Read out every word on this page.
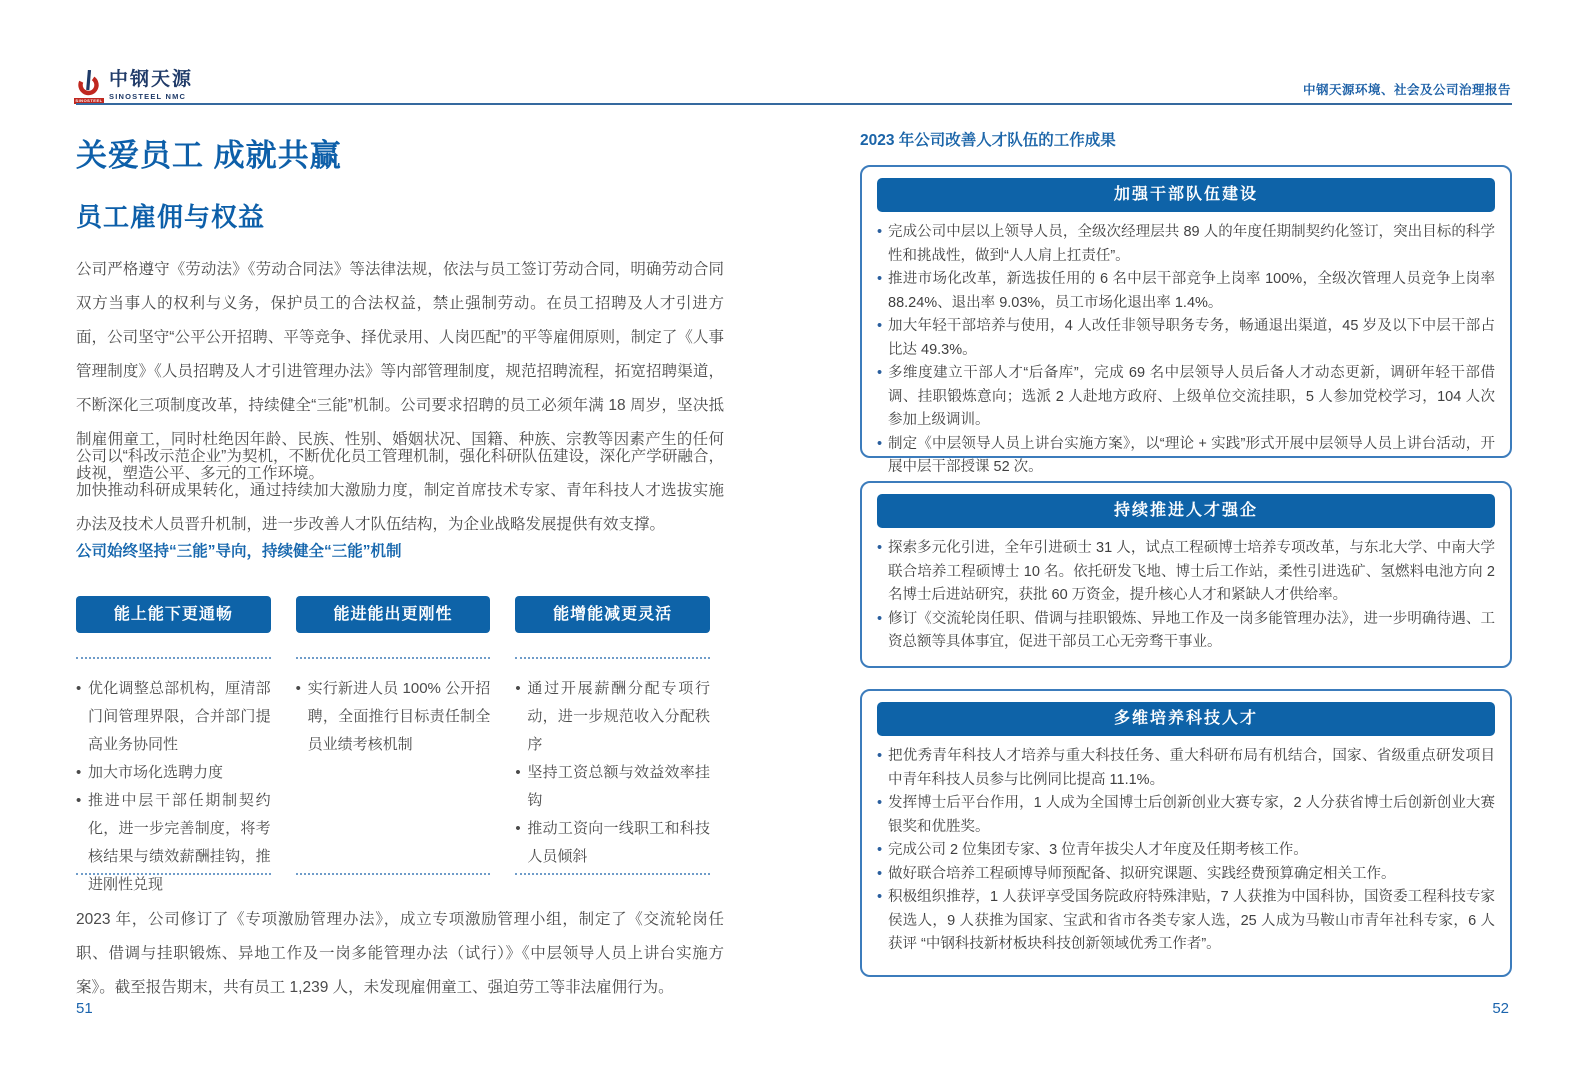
SINOSTEEL
中钢天源
SINOSTEEL NMC	中钢天源环境、社会及公司治理报告
关爱员工 成就共赢
员工雇佣与权益

公司严格遵守《劳动法》《劳动合同法》等法律法规，依法与员工签订劳动合同，明确劳动合同双方当事人的权利与义务，保护员工的合法权益，禁止强制劳动。在员工招聘及人才引进方面，公司坚守“公平公开招聘、平等竞争、择优录用、人岗匹配”的平等雇佣原则，制定了《人事管理制度》《人员招聘及人才引进管理办法》等内部管理制度，规范招聘流程，拓宽招聘渠道，不断深化三项制度改革，持续健全“三能”机制。公司要求招聘的员工必须年满 18 周岁，坚决抵制雇佣童工，同时杜绝因年龄、民族、性别、婚姻状况、国籍、种族、宗教等因素产生的任何歧视，塑造公平、多元的工作环境。

公司以“科改示范企业”为契机，不断优化员工管理机制，强化科研队伍建设，深化产学研融合，加快推动科研成果转化，通过持续加大激励力度，制定首席技术专家、青年科技人才选拔实施办法及技术人员晋升机制，进一步改善人才队伍结构，为企业战略发展提供有效支撑。

公司始终坚持“三能”导向，持续健全“三能”机制
能上能下更通畅	能进能出更刚性	能增能减更灵活
• 优化调整总部机构，厘清部门间管理界限，合并部门提高业务协同性
• 加大市场化选聘力度
• 推进中层干部任期制契约化，进一步完善制度，将考核结果与绩效薪酬挂钩，推进刚性兑现
• 实行新进人员 100% 公开招聘，全面推行目标责任制全员业绩考核机制
• 通过开展薪酬分配专项行动，进一步规范收入分配秩序
• 坚持工资总额与效益效率挂钩
• 推动工资向一线职工和科技人员倾斜

2023 年，公司修订了《专项激励管理办法》，成立专项激励管理小组，制定了《交流轮岗任职、借调与挂职锻炼、异地工作及一岗多能管理办法（试行）》《中层领导人员上讲台实施方案》。截至报告期末，共有员工 1,239 人，未发现雇佣童工、强迫劳工等非法雇佣行为。

51
2023 年公司改善人才队伍的工作成果
加强干部队伍建设
• 完成公司中层以上领导人员，全级次经理层共 89 人的年度任期制契约化签订，突出目标的科学性和挑战性，做到“人人肩上扛责任”。
• 推进市场化改革，新选拔任用的 6 名中层干部竞争上岗率 100%，全级次管理人员竞争上岗率 88.24%、退出率 9.03%，员工市场化退出率 1.4%。
• 加大年轻干部培养与使用，4 人改任非领导职务专务，畅通退出渠道，45 岁及以下中层干部占比达 49.3%。
• 多维度建立干部人才“后备库”，完成 69 名中层领导人员后备人才动态更新，调研年轻干部借调、挂职锻炼意向；选派 2 人赴地方政府、上级单位交流挂职，5 人参加党校学习，104 人次参加上级调训。
• 制定《中层领导人员上讲台实施方案》，以“理论 + 实践”形式开展中层领导人员上讲台活动，开展中层干部授课 52 次。
持续推进人才强企
• 探索多元化引进，全年引进硕士 31 人，试点工程硕博士培养专项改革，与东北大学、中南大学联合培养工程硕博士 10 名。依托研发飞地、博士后工作站，柔性引进选矿、氢燃料电池方向 2 名博士后进站研究，获批 60 万资金，提升核心人才和紧缺人才供给率。
• 修订《交流轮岗任职、借调与挂职锻炼、异地工作及一岗多能管理办法》，进一步明确待遇、工资总额等具体事宜，促进干部员工心无旁骛干事业。
多维培养科技人才
• 把优秀青年科技人才培养与重大科技任务、重大科研布局有机结合，国家、省级重点研发项目中青年科技人员参与比例同比提高 11.1%。
• 发挥博士后平台作用，1 人成为全国博士后创新创业大赛专家，2 人分获省博士后创新创业大赛银奖和优胜奖。
• 完成公司 2 位集团专家、3 位青年拔尖人才年度及任期考核工作。
• 做好联合培养工程硕博导师预配备、拟研究课题、实践经费预算确定相关工作。
• 积极组织推荐，1 人获评享受国务院政府特殊津贴，7 人获推为中国科协，国资委工程科技专家侯选人，9 人获推为国家、宝武和省市各类专家人选，25 人成为马鞍山市青年社科专家，6 人获评 “中钢科技新材板块科技创新领域优秀工作者”。
52
